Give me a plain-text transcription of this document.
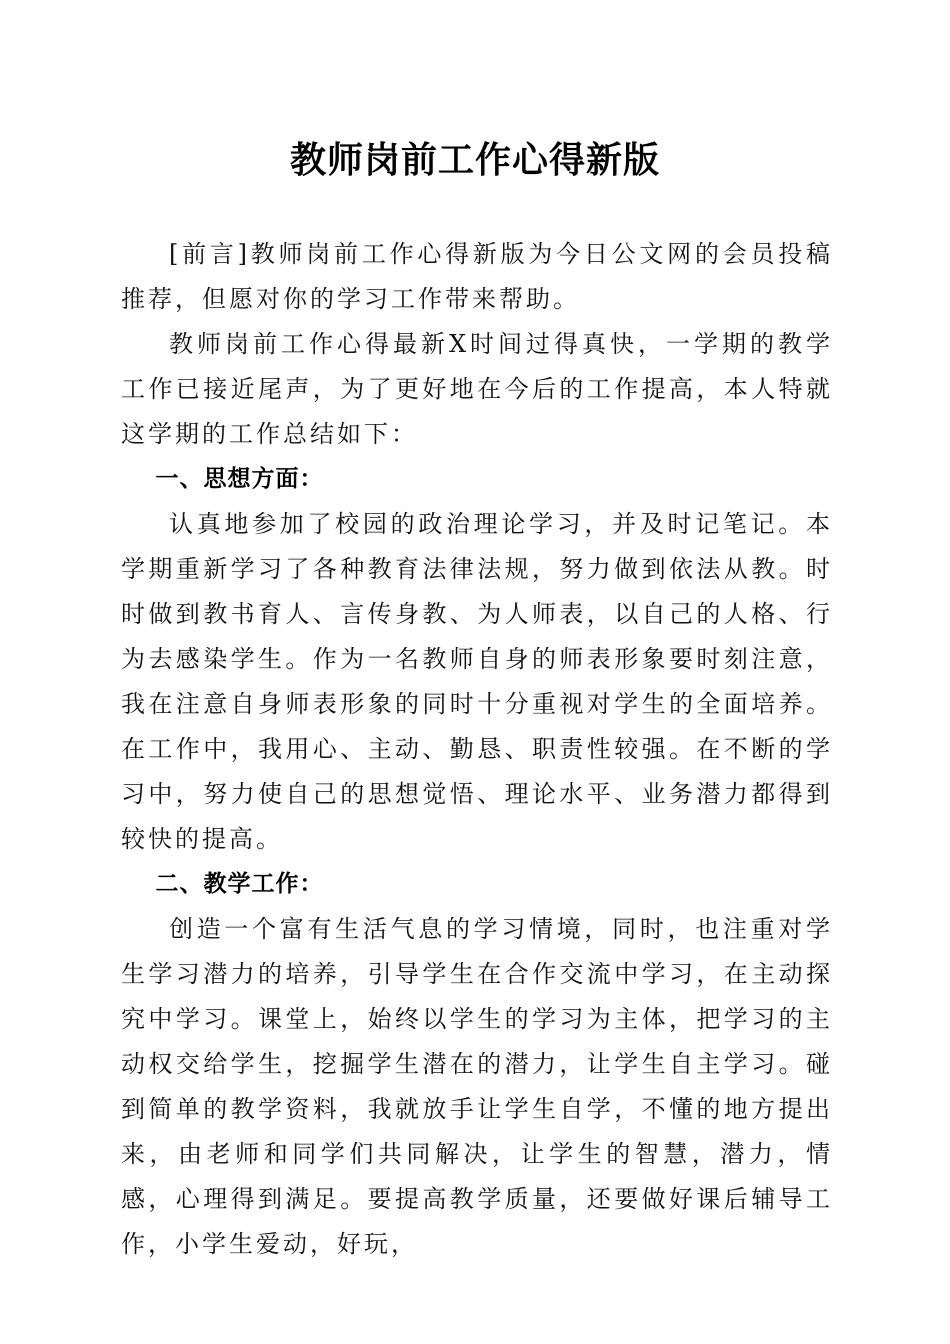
教师岗前工作心得新版

[前言]教师岗前工作心得新版为今日公文网的会员投稿推荐，但愿对你的学习工作带来帮助。

教师岗前工作心得最新X时间过得真快，一学期的教学工作已接近尾声，为了更好地在今后的工作提高，本人特就这学期的工作总结如下：

一、思想方面：

认真地参加了校园的政治理论学习，并及时记笔记。本学期重新学习了各种教育法律法规，努力做到依法从教。时时做到教书育人、言传身教、为人师表，以自己的人格、行为去感染学生。作为一名教师自身的师表形象要时刻注意，我在注意自身师表形象的同时十分重视对学生的全面培养。在工作中，我用心、主动、勤恳、职责性较强。在不断的学习中，努力使自己的思想觉悟、理论水平、业务潜力都得到较快的提高。

二、教学工作：

创造一个富有生活气息的学习情境，同时，也注重对学生学习潜力的培养，引导学生在合作交流中学习，在主动探究中学习。课堂上，始终以学生的学习为主体，把学习的主动权交给学生，挖掘学生潜在的潜力，让学生自主学习。碰到简单的教学资料，我就放手让学生自学，不懂的地方提出来，由老师和同学们共同解决，让学生的智慧，潜力，情感，心理得到满足。要提高教学质量，还要做好课后辅导工作，小学生爱动，好玩，
